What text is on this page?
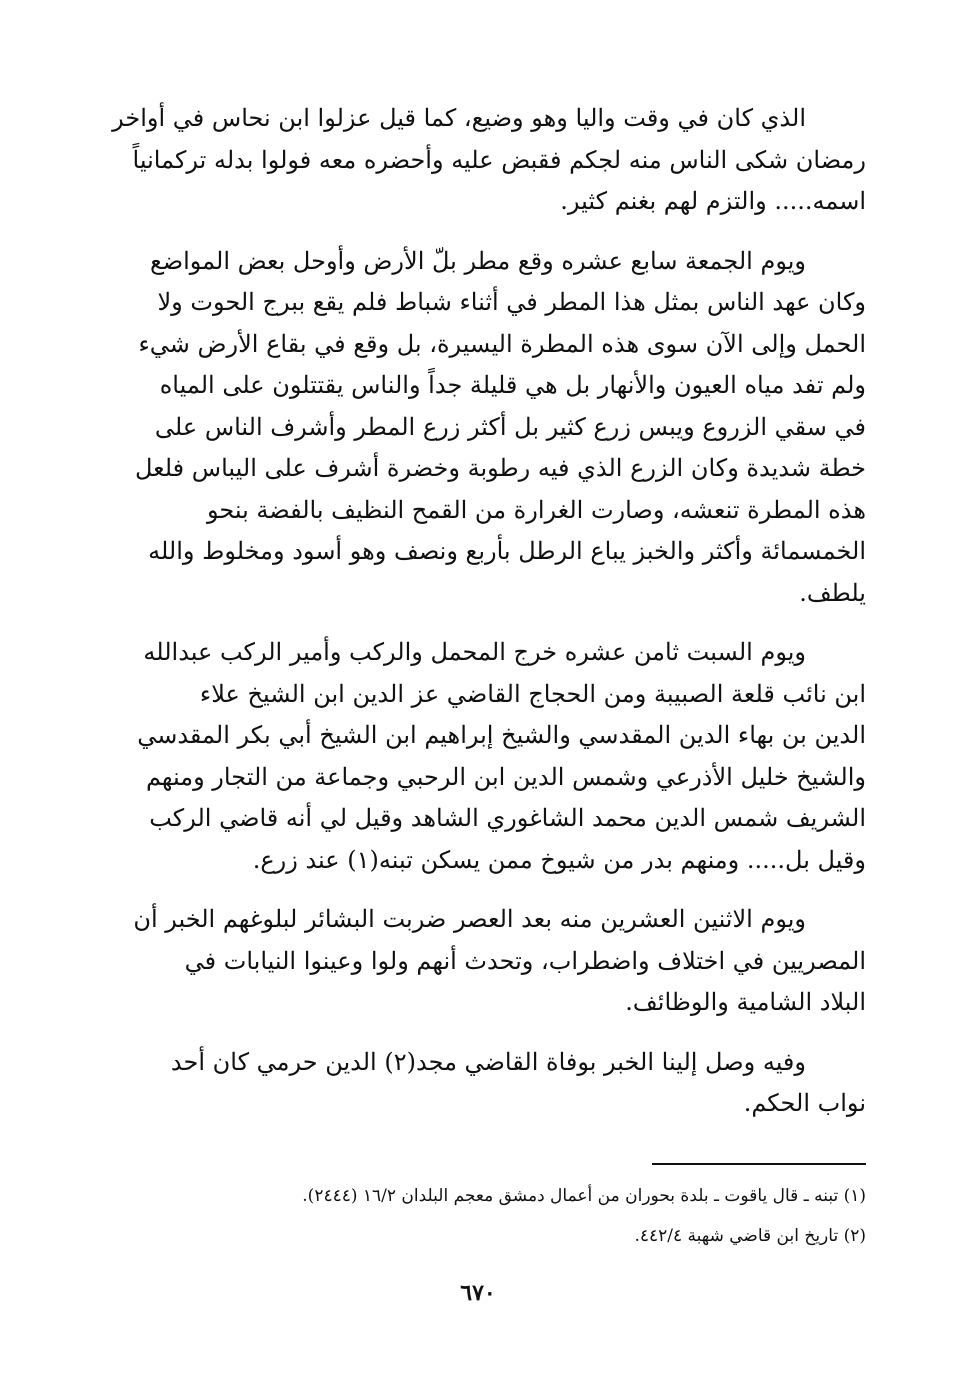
الذي كان في وقت واليا وهو وضيع، كما قيل عزلوا ابن نحاس في أواخر
رمضان شكى الناس منه لجكم فقبض عليه وأحضره معه فولوا بدله تركمانياً
اسمه..... والتزم لهم بغنم كثير.
ويوم الجمعة سابع عشره وقع مطر بلّ الأرض وأوحل بعض المواضع
وكان عهد الناس بمثل هذا المطر في أثناء شباط فلم يقع ببرج الحوت ولا
الحمل وإلى الآن سوى هذه المطرة اليسيرة، بل وقع في بقاع الأرض شيء
ولم تفد مياه العيون والأنهار بل هي قليلة جداً والناس يقتتلون على المياه
في سقي الزروع ويبس زرع كثير بل أكثر زرع المطر وأشرف الناس على
خطة شديدة وكان الزرع الذي فيه رطوبة وخضرة أشرف على اليباس فلعل
هذه المطرة تنعشه، وصارت الغرارة من القمح النظيف بالفضة بنحو
الخمسمائة وأكثر والخبز يباع الرطل بأربع ونصف وهو أسود ومخلوط والله
يلطف.
ويوم السبت ثامن عشره خرج المحمل والركب وأمير الركب عبدالله
ابن نائب قلعة الصبيبة ومن الحجاج القاضي عز الدين ابن الشيخ علاء
الدين بن بهاء الدين المقدسي والشيخ إبراهيم ابن الشيخ أبي بكر المقدسي
والشيخ خليل الأذرعي وشمس الدين ابن الرحبي وجماعة من التجار ومنهم
الشريف شمس الدين محمد الشاغوري الشاهد وقيل لي أنه قاضي الركب
وقيل بل..... ومنهم بدر من شيوخ ممن يسكن تبنه(١) عند زرع.
ويوم الاثنين العشرين منه بعد العصر ضربت البشائر لبلوغهم الخبر أن
المصريين في اختلاف واضطراب، وتحدث أنهم ولوا وعينوا النيابات في
البلاد الشامية والوظائف.
وفيه وصل إلينا الخبر بوفاة القاضي مجد(٢) الدين حرمي كان أحد
نواب الحكم.
(١) تبنه ـ قال ياقوت ـ بلدة بحوران من أعمال دمشق معجم البلدان ١٦/٢ (٢٤٤٤).
(٢) تاريخ ابن قاضي شهبة ٤٤٢/٤.
٦٧٠
